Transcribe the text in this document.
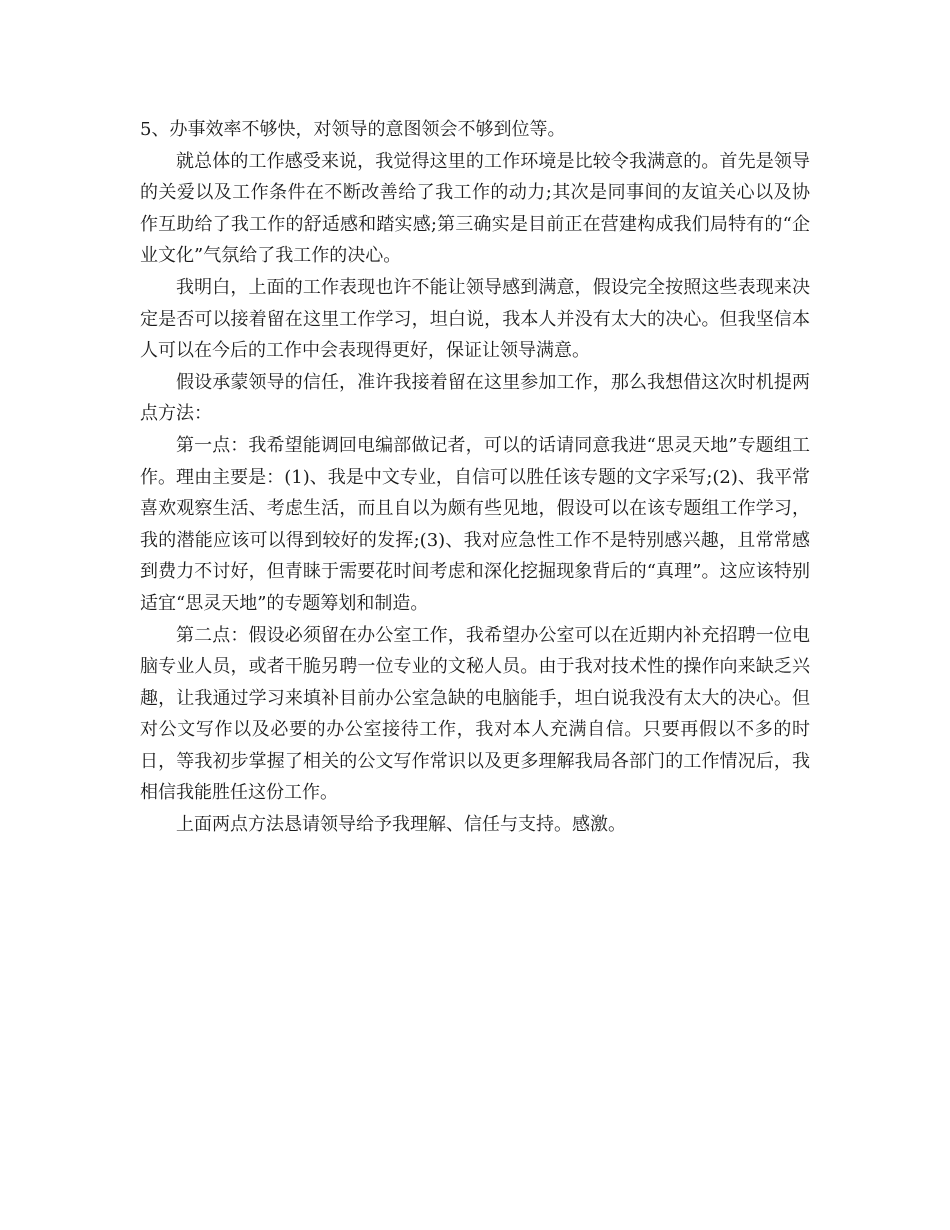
5、办事效率不够快，对领导的意图领会不够到位等。

就总体的工作感受来说，我觉得这里的工作环境是比较令我满意的。首先是领导的关爱以及工作条件在不断改善给了我工作的动力;其次是同事间的友谊关心以及协作互助给了我工作的舒适感和踏实感;第三确实是目前正在营建构成我们局特有的“企业文化”气氛给了我工作的决心。

我明白，上面的工作表现也许不能让领导感到满意，假设完全按照这些表现来决定是否可以接着留在这里工作学习，坦白说，我本人并没有太大的决心。但我坚信本人可以在今后的工作中会表现得更好，保证让领导满意。

假设承蒙领导的信任，准许我接着留在这里参加工作，那么我想借这次时机提两点方法：

第一点：我希望能调回电编部做记者，可以的话请同意我进“思灵天地”专题组工作。理由主要是：(1)、我是中文专业，自信可以胜任该专题的文字采写;(2)、我平常喜欢观察生活、考虑生活，而且自以为颇有些见地，假设可以在该专题组工作学习，我的潜能应该可以得到较好的发挥;(3)、我对应急性工作不是特别感兴趣，且常常感到费力不讨好，但青睐于需要花时间考虑和深化挖掘现象背后的“真理”。这应该特别适宜“思灵天地”的专题筹划和制造。

第二点：假设必须留在办公室工作，我希望办公室可以在近期内补充招聘一位电脑专业人员，或者干脆另聘一位专业的文秘人员。由于我对技术性的操作向来缺乏兴趣，让我通过学习来填补目前办公室急缺的电脑能手，坦白说我没有太大的决心。但对公文写作以及必要的办公室接待工作，我对本人充满自信。只要再假以不多的时日，等我初步掌握了相关的公文写作常识以及更多理解我局各部门的工作情况后，我相信我能胜任这份工作。

上面两点方法恳请领导给予我理解、信任与支持。感激。
